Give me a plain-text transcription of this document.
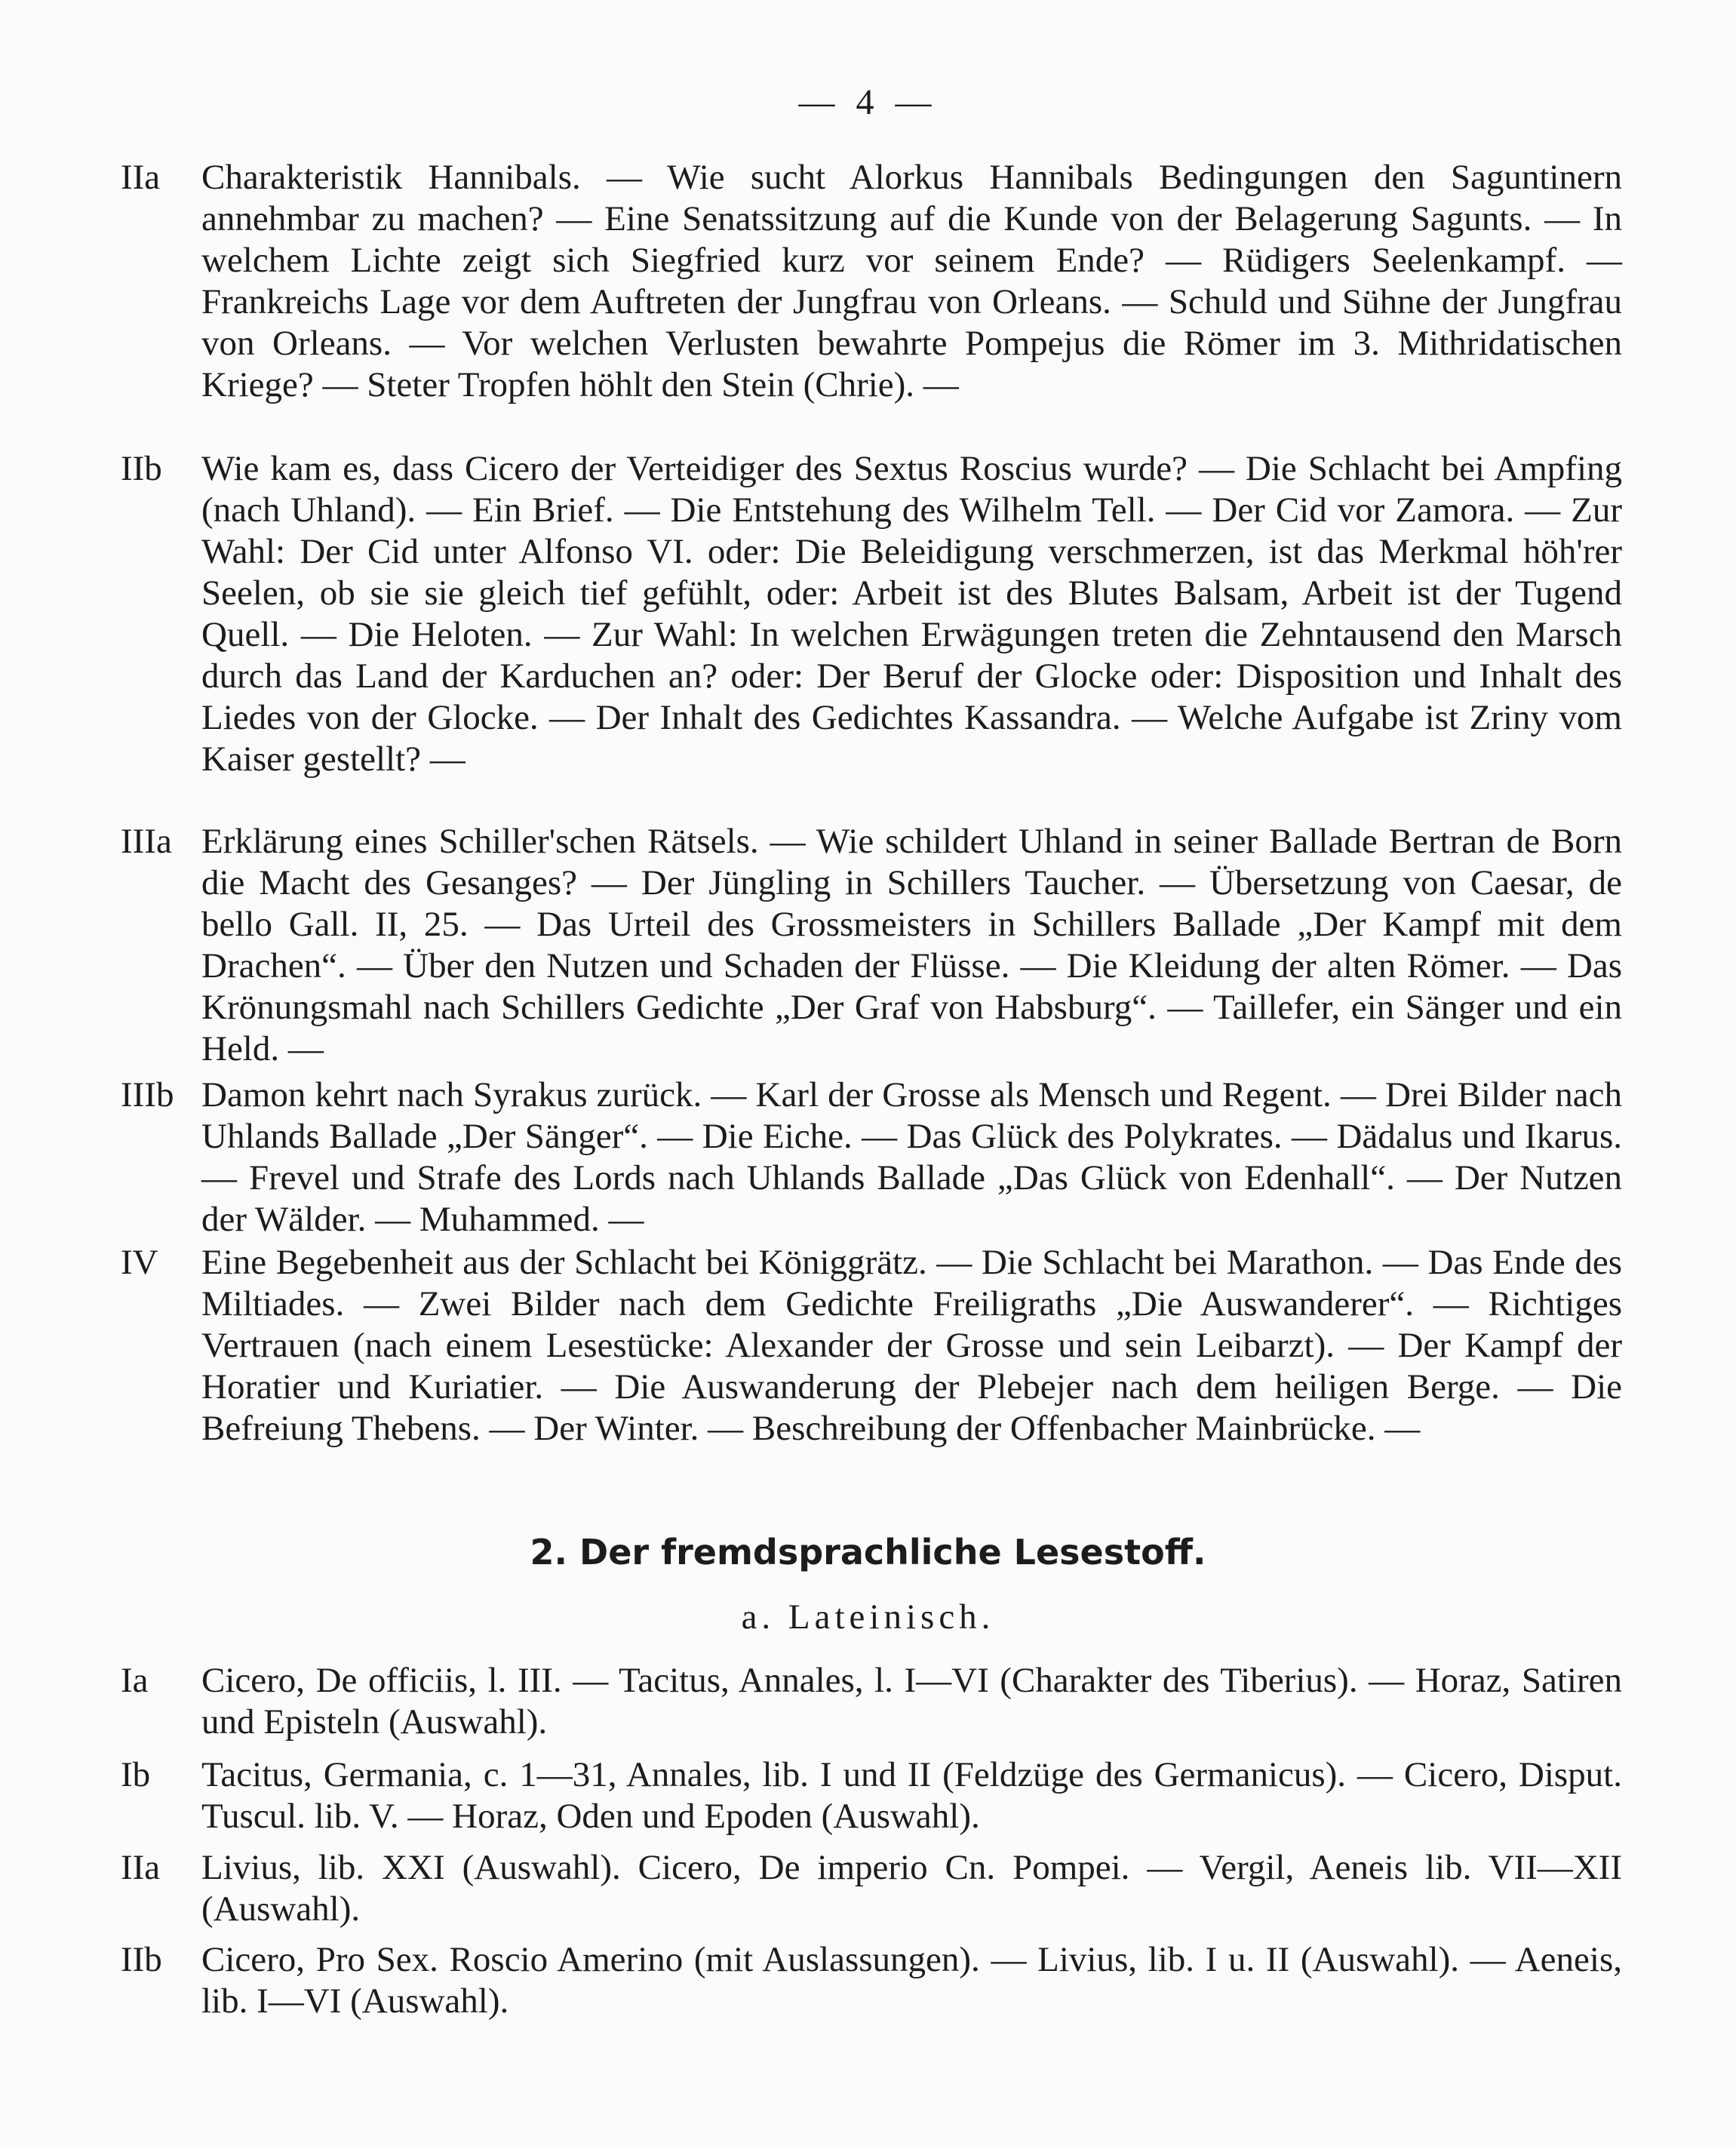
— 4 —
IIa	Charakteristik Hannibals. — Wie sucht Alorkus Hannibals Bedingungen den Saguntinern annehmbar zu machen? — Eine Senatssitzung auf die Kunde von der Belagerung Sagunts. — In welchem Lichte zeigt sich Siegfried kurz vor seinem Ende? — Rüdigers Seelenkampf. — Frankreichs Lage vor dem Auftreten der Jungfrau von Orleans. — Schuld und Sühne der Jungfrau von Orleans. — Vor welchen Verlusten bewahrte Pompejus die Römer im 3. Mithridatischen Kriege? — Steter Tropfen höhlt den Stein (Chrie). —
IIb	Wie kam es, dass Cicero der Verteidiger des Sextus Roscius wurde? — Die Schlacht bei Ampfing (nach Uhland). — Ein Brief. — Die Entstehung des Wilhelm Tell. — Der Cid vor Zamora. — Zur Wahl: Der Cid unter Alfonso VI. oder: Die Beleidigung verschmerzen, ist das Merkmal höh'rer Seelen, ob sie sie gleich tief gefühlt, oder: Arbeit ist des Blutes Balsam, Arbeit ist der Tugend Quell. — Die Heloten. — Zur Wahl: In welchen Erwägungen treten die Zehntausend den Marsch durch das Land der Karduchen an? oder: Der Beruf der Glocke oder: Disposition und Inhalt des Liedes von der Glocke. — Der Inhalt des Gedichtes Kassandra. — Welche Aufgabe ist Zriny vom Kaiser gestellt? —
IIIa Erklärung eines Schiller'schen Rätsels. — Wie schildert Uhland in seiner Ballade Bertran de Born die Macht des Gesanges? — Der Jüngling in Schillers Taucher. — Übersetzung von Caesar, de bello Gall. II, 25. — Das Urteil des Grossmeisters in Schillers Ballade „Der Kampf mit dem Drachen“. — Über den Nutzen und Schaden der Flüsse. — Die Kleidung der alten Römer. — Das Krönungsmahl nach Schillers Gedichte „Der Graf von Habsburg“. — Taillefer, ein Sänger und ein Held. —
IIIb Damon kehrt nach Syrakus zurück. — Karl der Grosse als Mensch und Regent. — Drei Bilder nach Uhlands Ballade „Der Sänger“. — Die Eiche. — Das Glück des Polykrates. — Dädalus und Ikarus. — Frevel und Strafe des Lords nach Uhlands Ballade „Das Glück von Edenhall“. — Der Nutzen der Wälder. — Muhammed. —
IV	Eine Begebenheit aus der Schlacht bei Königgrätz. — Die Schlacht bei Marathon. — Das Ende des Miltiades. — Zwei Bilder nach dem Gedichte Freiligraths „Die Auswanderer“. — Richtiges Vertrauen (nach einem Lesestücke: Alexander der Grosse und sein Leibarzt). — Der Kampf der Horatier und Kuriatier. — Die Auswanderung der Plebejer nach dem heiligen Berge. — Die Befreiung Thebens. — Der Winter. — Beschreibung der Offenbacher Mainbrücke. —
2. Der fremdsprachliche Lesestoff.
a. Lateinisch.
Ia	Cicero, De officiis, l. III. — Tacitus, Annales, l. I—VI (Charakter des Tiberius). — Horaz, Satiren und Episteln (Auswahl).
Ib	Tacitus, Germania, c. 1—31, Annales, lib. I und II (Feldzüge des Germanicus). — Cicero, Disput. Tuscul. lib. V. — Horaz, Oden und Epoden (Auswahl).
IIa	Livius, lib. XXI (Auswahl). Cicero, De imperio Cn. Pompei. — Vergil, Aeneis lib. VII—XII (Auswahl).
IIb	Cicero, Pro Sex. Roscio Amerino (mit Auslassungen). — Livius, lib. I u. II (Auswahl). — Aeneis, lib. I—VI (Auswahl).
